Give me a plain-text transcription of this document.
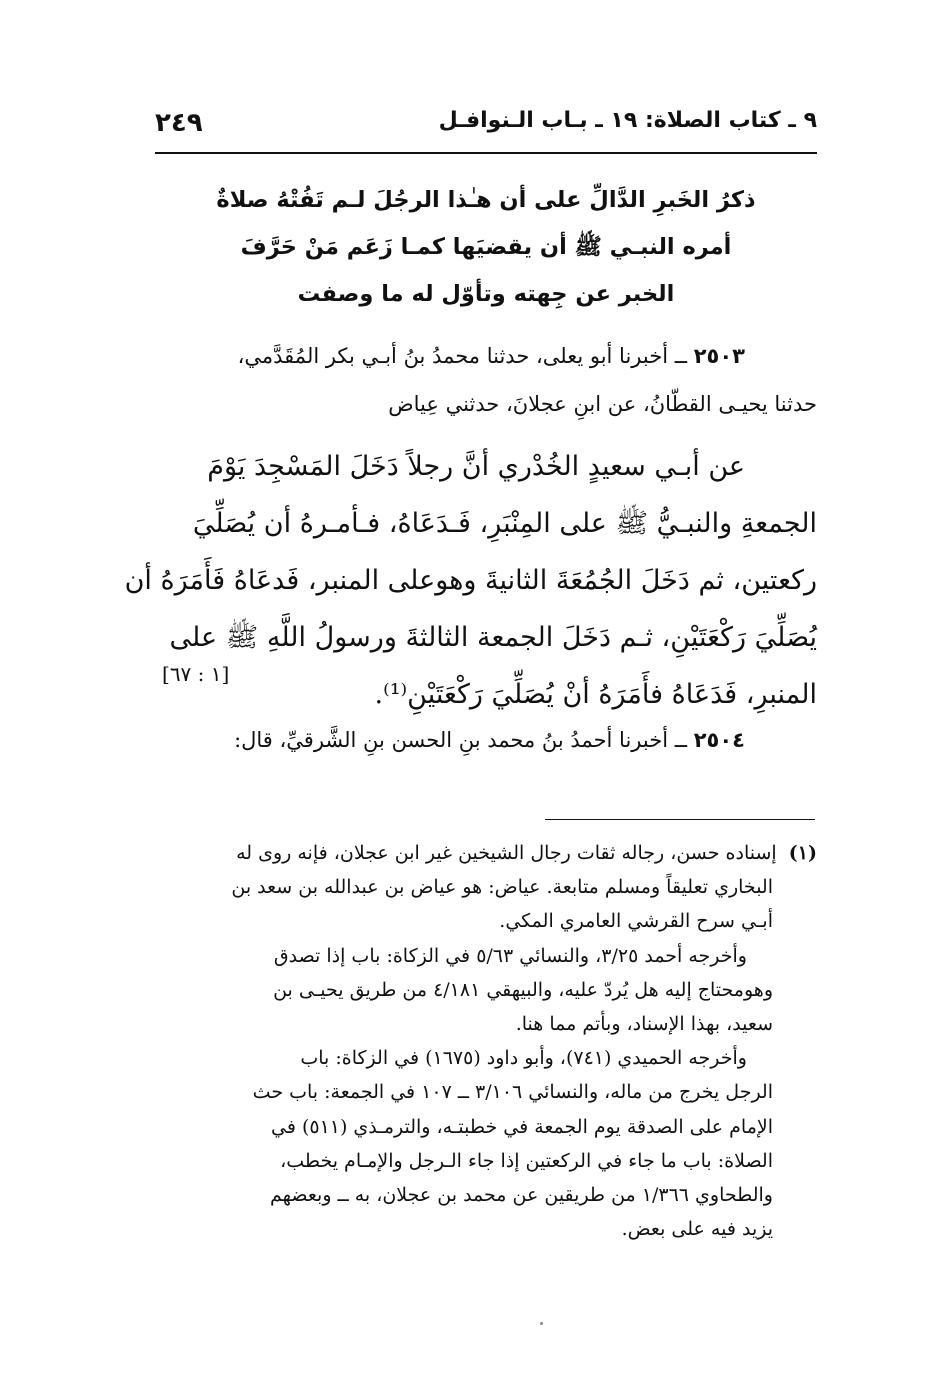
٩ ـ كتاب الصلاة: ١٩ ـ بـاب الـنوافـل
٢٤٩
ذكرُ الخَبرِ الدَّالِّ على أن هـٰذا الرجُلَ لـم تَفُتْهُ صلاةٌ
أمره النبـي ﷺ أن يقضيَها كمـا زَعَم مَنْ حَرَّفَ
الخبر عن جِهته وتأوّل له ما وصفت
٢٥٠٣ ــ أخبرنا أبو يعلى، حدثنا محمدُ بنُ أبـي بكر المُقَدَّمي،
حدثنا يحيـى القطّانُ، عن ابنِ عجلانَ، حدثني عِياض
عن أبـي سعيدٍ الخُدْري أنَّ رجلاً دَخَلَ المَسْجِدَ يَوْمَ
الجمعةِ والنبـيُّ ﷺ على المِنْبَرِ، فَـدَعَاهُ، فـأمـرهُ أن يُصَلِّيَ
ركعتين، ثم دَخَلَ الجُمُعَةَ الثانيةَ وهوعلى المنبر، فَدعَاهُ فَأَمَرَهُ أن
يُصَلِّيَ رَكْعَتَيْنِ، ثـم دَخَلَ الجمعة الثالثةَ ورسولُ اللَّهِ ﷺ على
المنبرِ، فَدَعَاهُ فأَمَرَهُ أنْ يُصَلِّيَ رَكْعَتَيْنِ⁽¹⁾.
[١ : ٦٧]
٢٥٠٤ ــ أخبرنا أحمدُ بنُ محمد بنِ الحسن بنِ الشَّرقيِّ، قال:
(١)  إسناده حسن، رجاله ثقات رجال الشيخين غير ابن عجلان، فإنه روى له
البخاري تعليقاً ومسلم متابعة. عياض: هو عياض بن عبدالله بن سعد بن
أبـي سرح القرشي العامري المكي.
وأخرجه أحمد ٣/٢٥، والنسائي ٥/٦٣ في الزكاة: باب إذا تصدق
وهومحتاج إليه هل يُردّ عليه، والبيهقي ٤/١٨١ من طريق يحيـى بن
سعيد، بهذا الإسناد، وبأتم مما هنا.
وأخرجه الحميدي (٧٤١)، وأبو داود (١٦٧٥) في الزكاة: باب
الرجل يخرج من ماله، والنسائي ٣/١٠٦ ــ ١٠٧ في الجمعة: باب حث
الإمام على الصدقة يوم الجمعة في خطبتـه، والترمـذي (٥١١) في
الصلاة: باب ما جاء في الركعتين إذا جاء الـرجل والإمـام يخطب،
والطحاوي ١/٣٦٦ من طريقين عن محمد بن عجلان، به ــ وبعضهم
يزيد فيه على بعض.
